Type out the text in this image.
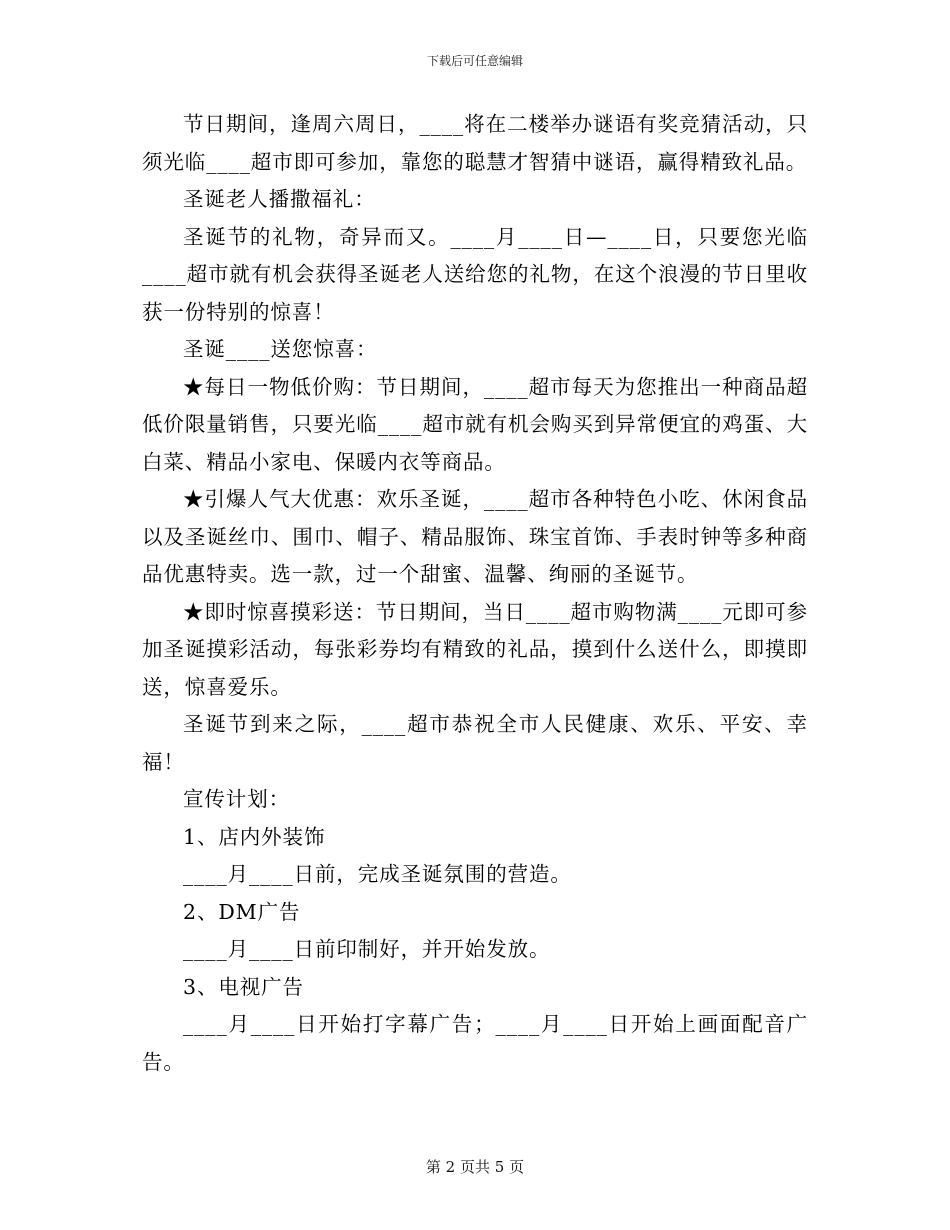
下载后可任意编辑

节日期间，逢周六周日，____将在二楼举办谜语有奖竞猜活动，只须光临____超市即可参加，靠您的聪慧才智猜中谜语，赢得精致礼品。

圣诞老人播撒福礼：

圣诞节的礼物，奇异而又。____月____日—____日，只要您光临____超市就有机会获得圣诞老人送给您的礼物，在这个浪漫的节日里收获一份特别的惊喜！

圣诞____送您惊喜：

★每日一物低价购：节日期间，____超市每天为您推出一种商品超低价限量销售，只要光临____超市就有机会购买到异常便宜的鸡蛋、大白菜、精品小家电、保暖内衣等商品。

★引爆人气大优惠：欢乐圣诞，____超市各种特色小吃、休闲食品以及圣诞丝巾、围巾、帽子、精品服饰、珠宝首饰、手表时钟等多种商品优惠特卖。选一款，过一个甜蜜、温馨、绚丽的圣诞节。

★即时惊喜摸彩送：节日期间，当日____超市购物满____元即可参加圣诞摸彩活动，每张彩券均有精致的礼品，摸到什么送什么，即摸即送，惊喜爱乐。

圣诞节到来之际，____超市恭祝全市人民健康、欢乐、平安、幸福！

宣传计划：

1、店内外装饰

____月____日前，完成圣诞氛围的营造。

2、DM广告

____月____日前印制好，并开始发放。

3、电视广告

____月____日开始打字幕广告；____月____日开始上画面配音广告。

第 2 页共 5 页
